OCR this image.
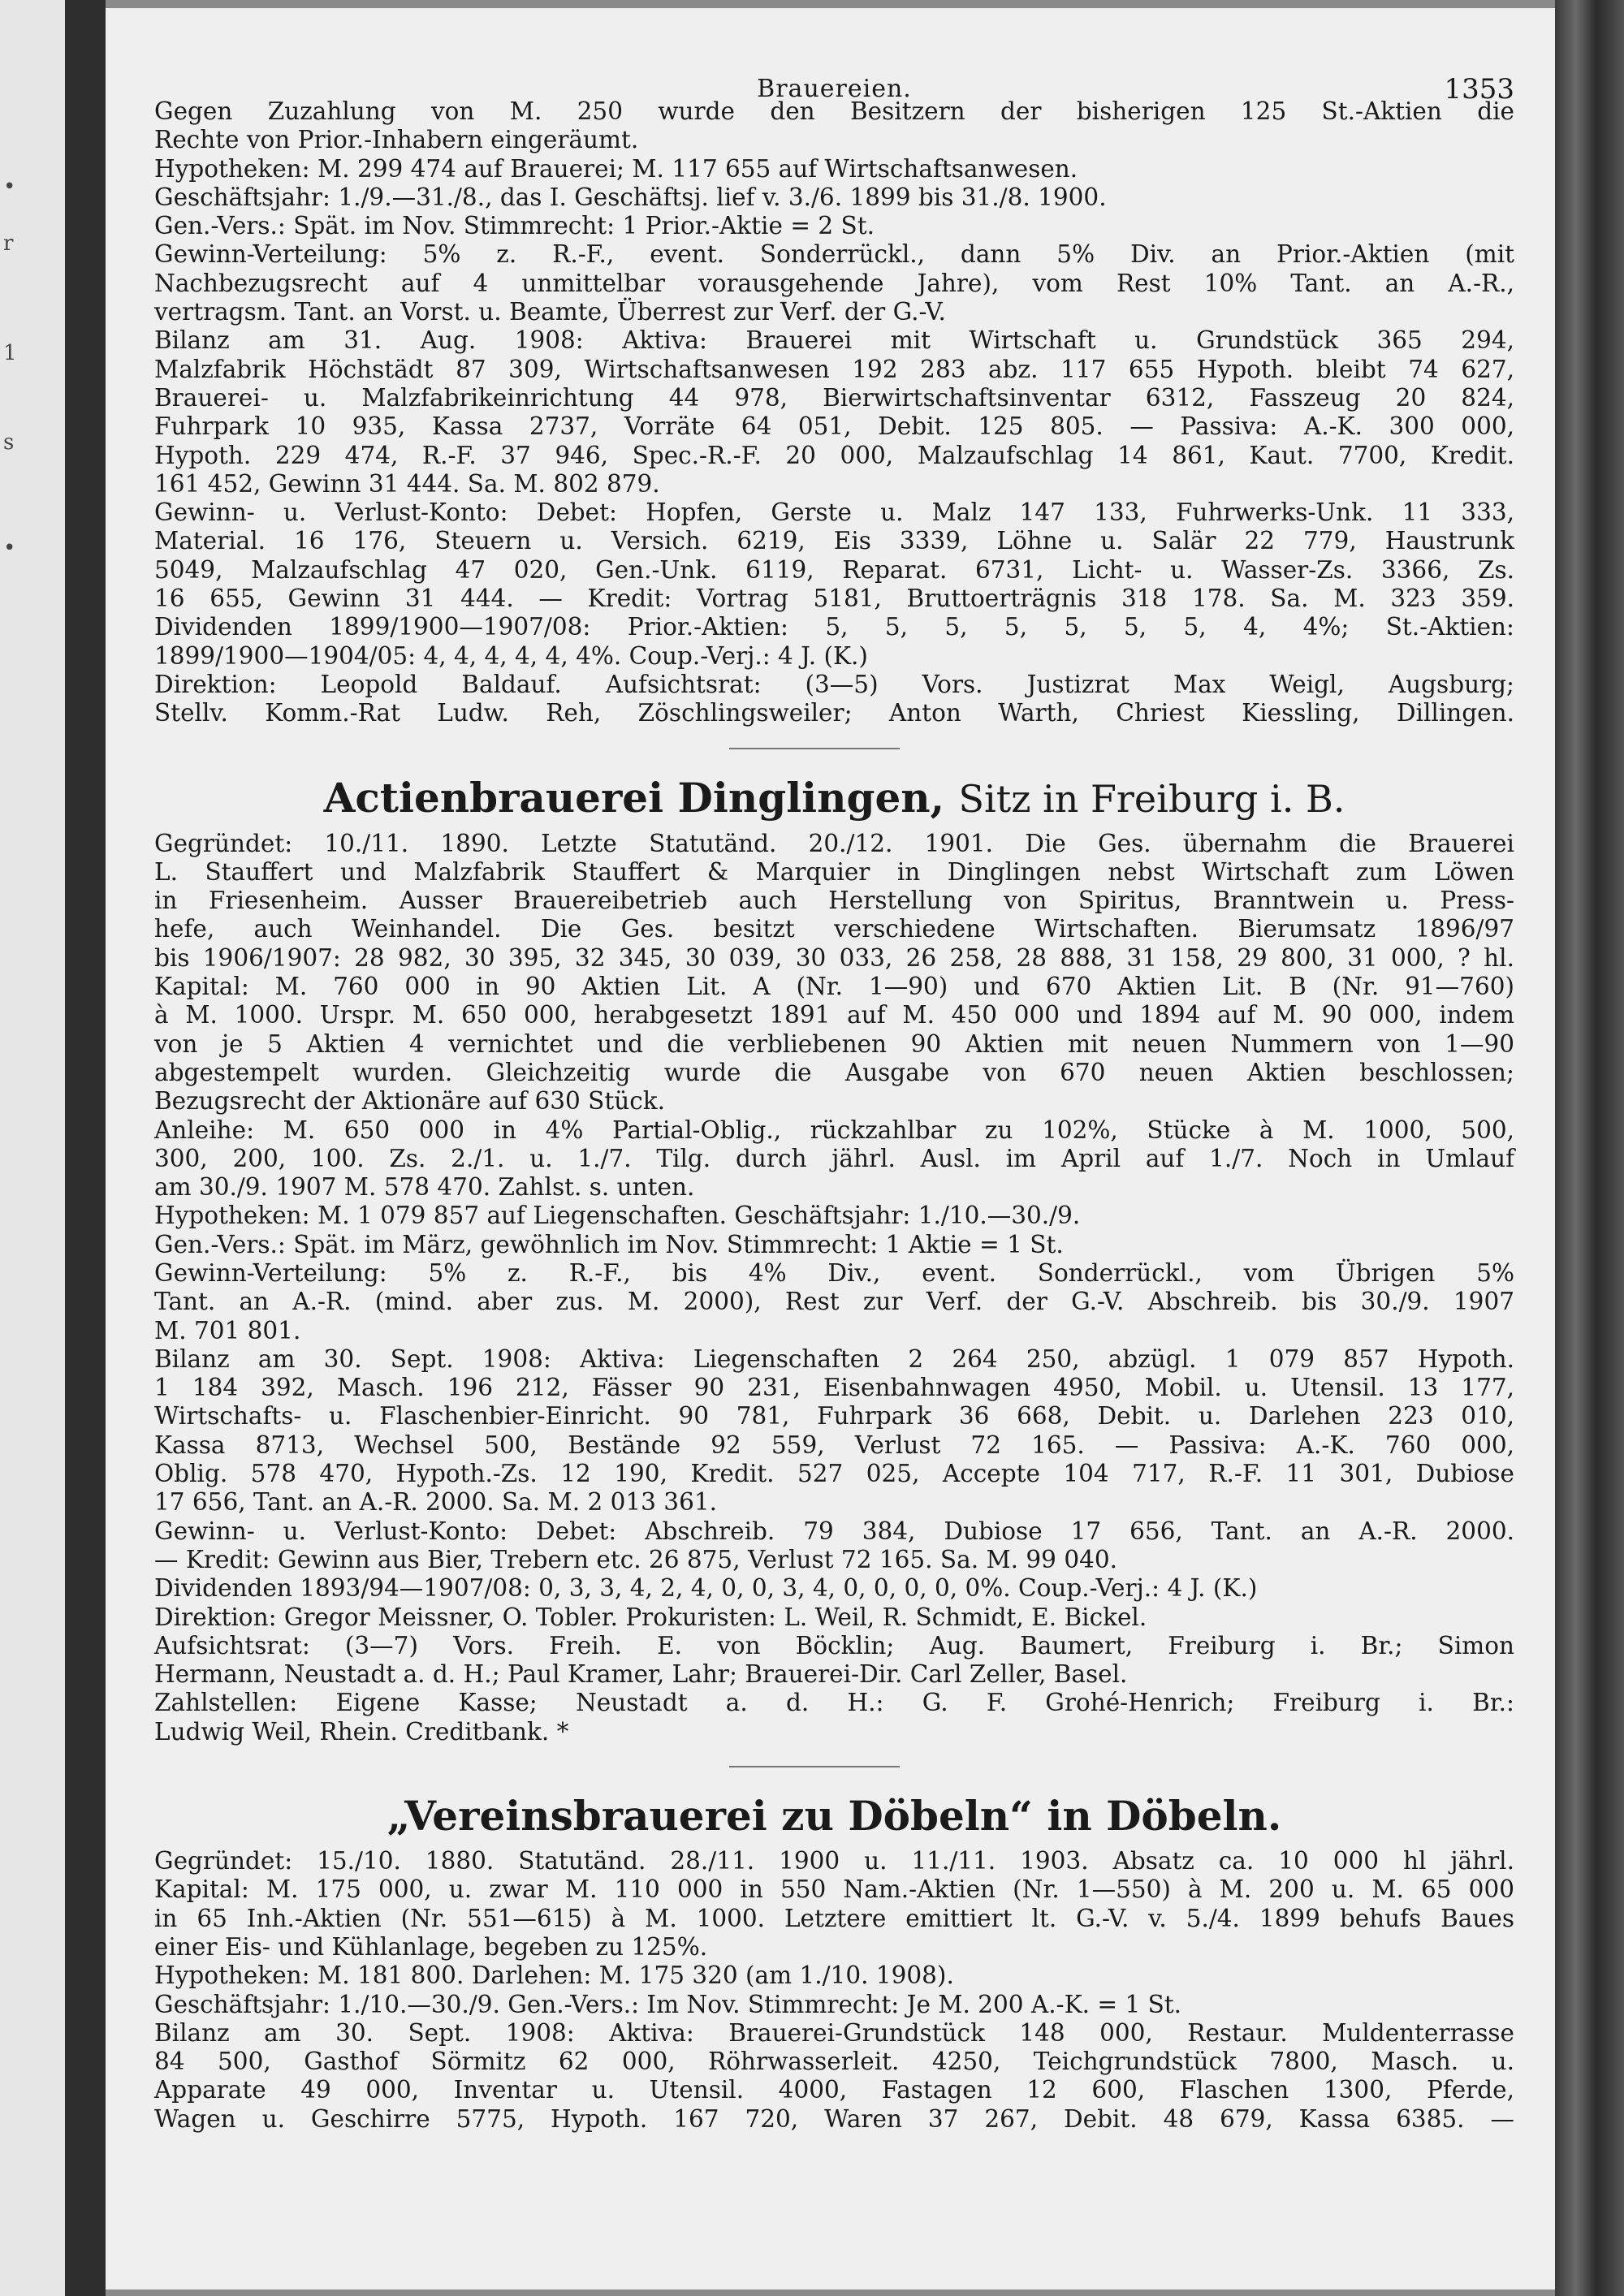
•
r
1
s
•
Brauereien.	1353

Gegen Zuzahlung von M. 250 wurde den Besitzern der bisherigen 125 St.-Aktien die

Rechte von Prior.-Inhabern eingeräumt.

Hypotheken: M. 299 474 auf Brauerei; M. 117 655 auf Wirtschaftsanwesen.

Geschäftsjahr: 1./9.—31./8., das I. Geschäftsj. lief v. 3./6. 1899 bis 31./8. 1900.

Gen.-Vers.: Spät. im Nov. Stimmrecht: 1 Prior.-Aktie = 2 St.

Gewinn-Verteilung: 5% z. R.-F., event. Sonderrückl., dann 5% Div. an Prior.-Aktien (mit

Nachbezugsrecht auf 4 unmittelbar vorausgehende Jahre), vom Rest 10% Tant. an A.-R.,

vertragsm. Tant. an Vorst. u. Beamte, Überrest zur Verf. der G.-V.

Bilanz am 31. Aug. 1908: Aktiva: Brauerei mit Wirtschaft u. Grundstück 365 294,

Malzfabrik Höchstädt 87 309, Wirtschaftsanwesen 192 283 abz. 117 655 Hypoth. bleibt 74 627,

Brauerei- u. Malzfabrikeinrichtung 44 978, Bierwirtschaftsinventar 6312, Fasszeug 20 824,

Fuhrpark 10 935, Kassa 2737, Vorräte 64 051, Debit. 125 805. — Passiva: A.-K. 300 000,

Hypoth. 229 474, R.-F. 37 946, Spec.-R.-F. 20 000, Malzaufschlag 14 861, Kaut. 7700, Kredit.

161 452, Gewinn 31 444. Sa. M. 802 879.

Gewinn- u. Verlust-Konto: Debet: Hopfen, Gerste u. Malz 147 133, Fuhrwerks-Unk. 11 333,

Material. 16 176, Steuern u. Versich. 6219, Eis 3339, Löhne u. Salär 22 779, Haustrunk

5049, Malzaufschlag 47 020, Gen.-Unk. 6119, Reparat. 6731, Licht- u. Wasser-Zs. 3366, Zs.

16 655, Gewinn 31 444. — Kredit: Vortrag 5181, Bruttoerträgnis 318 178. Sa. M. 323 359.

Dividenden 1899/1900—1907/08: Prior.-Aktien: 5, 5, 5, 5, 5, 5, 5, 4, 4%; St.-Aktien:

1899/1900—1904/05: 4, 4, 4, 4, 4, 4%. Coup.-Verj.: 4 J. (K.)

Direktion: Leopold Baldauf. Aufsichtsrat: (3—5) Vors. Justizrat Max Weigl, Augsburg;

Stellv. Komm.-Rat Ludw. Reh, Zöschlingsweiler; Anton Warth, Chriest Kiessling, Dillingen.

Actienbrauerei Dinglingen, Sitz in Freiburg i. B.

Gegründet: 10./11. 1890. Letzte Statutänd. 20./12. 1901. Die Ges. übernahm die Brauerei

L. Stauffert und Malzfabrik Stauffert & Marquier in Dinglingen nebst Wirtschaft zum Löwen

in Friesenheim. Ausser Brauereibetrieb auch Herstellung von Spiritus, Branntwein u. Press-

hefe, auch Weinhandel. Die Ges. besitzt verschiedene Wirtschaften. Bierumsatz 1896/97

bis 1906/1907: 28 982, 30 395, 32 345, 30 039, 30 033, 26 258, 28 888, 31 158, 29 800, 31 000, ? hl.

Kapital: M. 760 000 in 90 Aktien Lit. A (Nr. 1—90) und 670 Aktien Lit. B (Nr. 91—760)

à M. 1000. Urspr. M. 650 000, herabgesetzt 1891 auf M. 450 000 und 1894 auf M. 90 000, indem

von je 5 Aktien 4 vernichtet und die verbliebenen 90 Aktien mit neuen Nummern von 1—90

abgestempelt wurden. Gleichzeitig wurde die Ausgabe von 670 neuen Aktien beschlossen;

Bezugsrecht der Aktionäre auf 630 Stück.

Anleihe: M. 650 000 in 4% Partial-Oblig., rückzahlbar zu 102%, Stücke à M. 1000, 500,

300, 200, 100. Zs. 2./1. u. 1./7. Tilg. durch jährl. Ausl. im April auf 1./7. Noch in Umlauf

am 30./9. 1907 M. 578 470. Zahlst. s. unten.

Hypotheken: M. 1 079 857 auf Liegenschaften. Geschäftsjahr: 1./10.—30./9.

Gen.-Vers.: Spät. im März, gewöhnlich im Nov. Stimmrecht: 1 Aktie = 1 St.

Gewinn-Verteilung: 5% z. R.-F., bis 4% Div., event. Sonderrückl., vom Übrigen 5%

Tant. an A.-R. (mind. aber zus. M. 2000), Rest zur Verf. der G.-V. Abschreib. bis 30./9. 1907

M. 701 801.

Bilanz am 30. Sept. 1908: Aktiva: Liegenschaften 2 264 250, abzügl. 1 079 857 Hypoth.

1 184 392, Masch. 196 212, Fässer 90 231, Eisenbahnwagen 4950, Mobil. u. Utensil. 13 177,

Wirtschafts- u. Flaschenbier-Einricht. 90 781, Fuhrpark 36 668, Debit. u. Darlehen 223 010,

Kassa 8713, Wechsel 500, Bestände 92 559, Verlust 72 165. — Passiva: A.-K. 760 000,

Oblig. 578 470, Hypoth.-Zs. 12 190, Kredit. 527 025, Accepte 104 717, R.-F. 11 301, Dubiose

17 656, Tant. an A.-R. 2000. Sa. M. 2 013 361.

Gewinn- u. Verlust-Konto: Debet: Abschreib. 79 384, Dubiose 17 656, Tant. an A.-R. 2000.

— Kredit: Gewinn aus Bier, Trebern etc. 26 875, Verlust 72 165. Sa. M. 99 040.

Dividenden 1893/94—1907/08: 0, 3, 3, 4, 2, 4, 0, 0, 3, 4, 0, 0, 0, 0, 0%. Coup.-Verj.: 4 J. (K.)

Direktion: Gregor Meissner, O. Tobler. Prokuristen: L. Weil, R. Schmidt, E. Bickel.

Aufsichtsrat: (3—7) Vors. Freih. E. von Böcklin; Aug. Baumert, Freiburg i. Br.; Simon

Hermann, Neustadt a. d. H.; Paul Kramer, Lahr; Brauerei-Dir. Carl Zeller, Basel.

Zahlstellen: Eigene Kasse; Neustadt a. d. H.: G. F. Grohé-Henrich; Freiburg i. Br.:

Ludwig Weil, Rhein. Creditbank. *

„Vereinsbrauerei zu Döbeln“ in Döbeln.

Gegründet: 15./10. 1880. Statutänd. 28./11. 1900 u. 11./11. 1903. Absatz ca. 10 000 hl jährl.

Kapital: M. 175 000, u. zwar M. 110 000 in 550 Nam.-Aktien (Nr. 1—550) à M. 200 u. M. 65 000

in 65 Inh.-Aktien (Nr. 551—615) à M. 1000. Letztere emittiert lt. G.-V. v. 5./4. 1899 behufs Baues

einer Eis- und Kühlanlage, begeben zu 125%.

Hypotheken: M. 181 800. Darlehen: M. 175 320 (am 1./10. 1908).

Geschäftsjahr: 1./10.—30./9. Gen.-Vers.: Im Nov. Stimmrecht: Je M. 200 A.-K. = 1 St.

Bilanz am 30. Sept. 1908: Aktiva: Brauerei-Grundstück 148 000, Restaur. Muldenterrasse

84 500, Gasthof Sörmitz 62 000, Röhrwasserleit. 4250, Teichgrundstück 7800, Masch. u.

Apparate 49 000, Inventar u. Utensil. 4000, Fastagen 12 600, Flaschen 1300, Pferde,

Wagen u. Geschirre 5775, Hypoth. 167 720, Waren 37 267, Debit. 48 679, Kassa 6385. —
